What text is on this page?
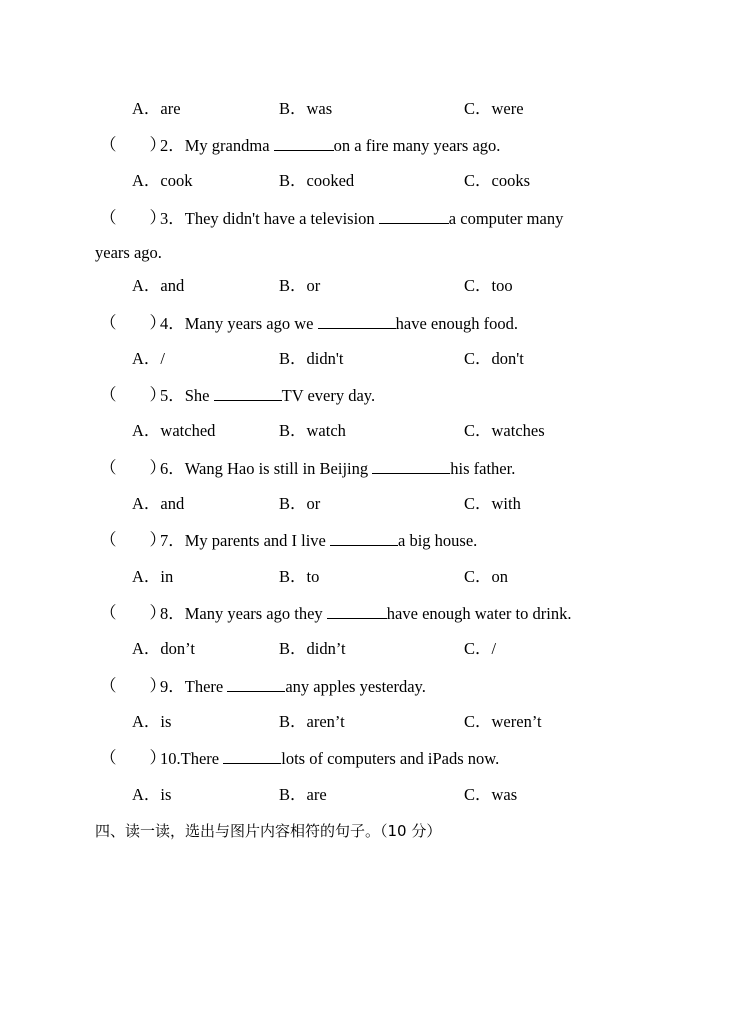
A．are	B．was	C．were
（　　）
2．My grandma	on a fire many years ago.
A．cook	B．cooked	C．cooks
（　　）
3．They didn't have a television	a computer many
years ago.
A．and	B．or	C．too
（　　）
4．Many years ago we	have enough food.
A．/	B．didn't	C．don't
（　　）
5．She	TV every day.
A．watched	B．watch	C．watches
（　　）
6．Wang Hao is still in Beijing	his father.
A．and	B．or	C．with
（　　）
7．My parents and I live	a big house.
A．in	B．to	C．on
（　　）
8．Many years ago they	have enough water to drink.
A．don’t	B．didn’t	C．/
（　　）
9．There	any apples yesterday.
A．is	B．aren’t	C．weren’t
（　　）
10.There	lots of computers and iPads now.
A．is	B．are	C．was
四、读一读，选出与图片内容相符的句子。（10 分）
